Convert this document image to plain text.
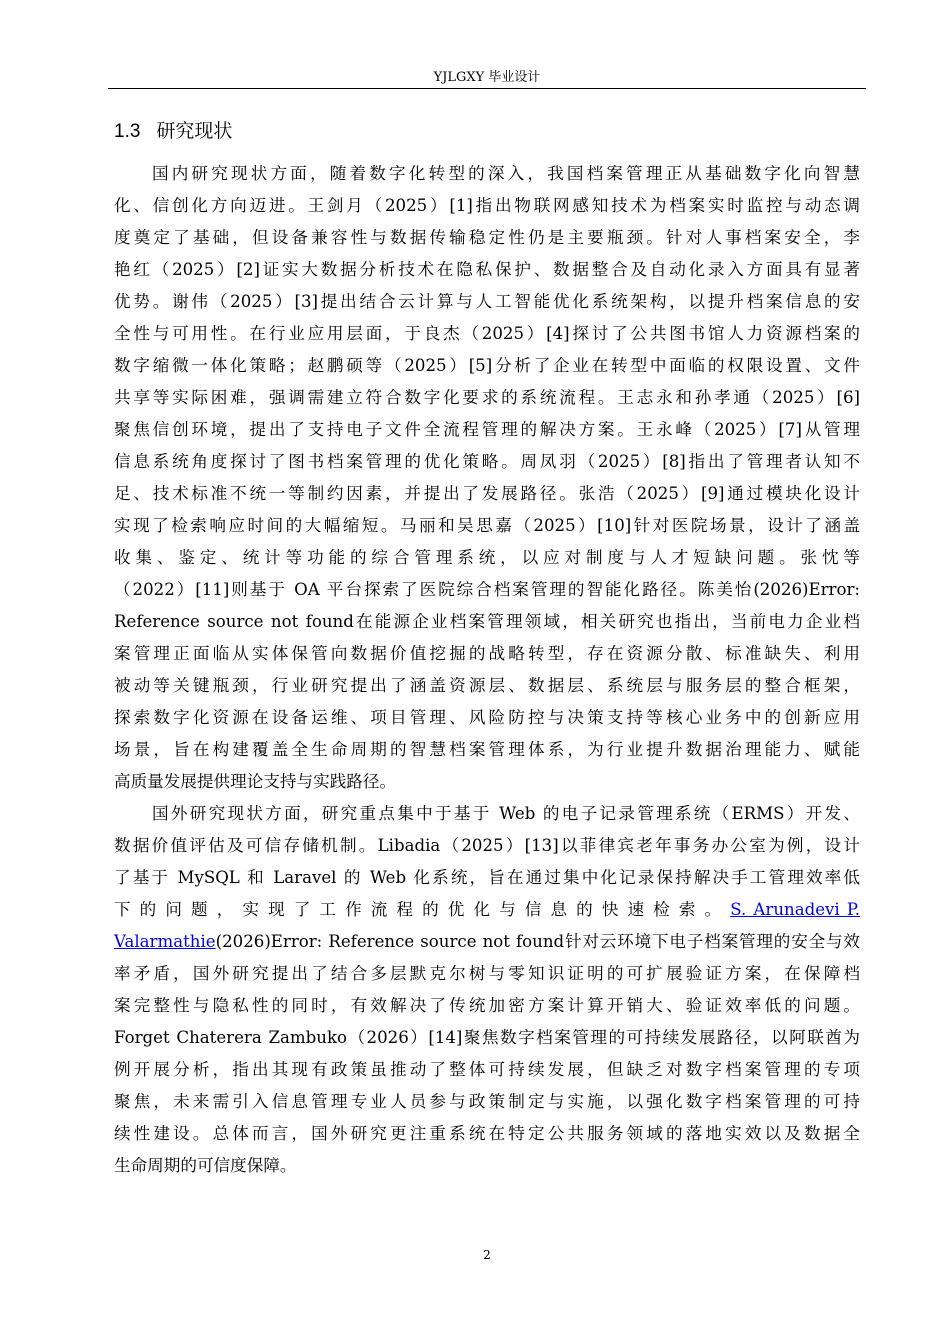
YJLGXY 毕业设计
1.3 研究现状
国内研究现状方面，随着数字化转型的深入，我国档案管理正从基础数字化向智慧
化、信创化方向迈进。王剑月（2025）[1]指出物联网感知技术为档案实时监控与动态调
度奠定了基础，但设备兼容性与数据传输稳定性仍是主要瓶颈。针对人事档案安全，李
艳红（2025）[2]证实大数据分析技术在隐私保护、数据整合及自动化录入方面具有显著
优势。谢伟（2025）[3]提出结合云计算与人工智能优化系统架构，以提升档案信息的安
全性与可用性。在行业应用层面，于良杰（2025）[4]探讨了公共图书馆人力资源档案的
数字缩微一体化策略；赵鹏硕等（2025）[5]分析了企业在转型中面临的权限设置、文件
共享等实际困难，强调需建立符合数字化要求的系统流程。王志永和孙孝通（2025）[6]
聚焦信创环境，提出了支持电子文件全流程管理的解决方案。王永峰（2025）[7]从管理
信息系统角度探讨了图书档案管理的优化策略。周凤羽（2025）[8]指出了管理者认知不
足、技术标准不统一等制约因素，并提出了发展路径。张浩（2025）[9]通过模块化设计
实现了检索响应时间的大幅缩短。马丽和吴思嘉（2025）[10]针对医院场景，设计了涵盖
收集、鉴定、统计等功能的综合管理系统，以应对制度与人才短缺问题。张忱等
（2022）[11]则基于 OA 平台探索了医院综合档案管理的智能化路径。陈美怡(2026)Error:
Reference source not found在能源企业档案管理领域，相关研究也指出，当前电力企业档
案管理正面临从实体保管向数据价值挖掘的战略转型，存在资源分散、标准缺失、利用
被动等关键瓶颈，行业研究提出了涵盖资源层、数据层、系统层与服务层的整合框架，
探索数字化资源在设备运维、项目管理、风险防控与决策支持等核心业务中的创新应用
场景，旨在构建覆盖全生命周期的智慧档案管理体系，为行业提升数据治理能力、赋能
高质量发展提供理论支持与实践路径。
国外研究现状方面，研究重点集中于基于 Web 的电子记录管理系统（ERMS）开发、
数据价值评估及可信存储机制。Libadia（2025）[13]以菲律宾老年事务办公室为例，设计
了基于 MySQL 和 Laravel 的 Web 化系统，旨在通过集中化记录保持解决手工管理效率低
下 的 问 题 ， 实 现 了 工 作 流 程 的 优 化 与 信 息 的 快 速 检 索 。 S. Arunadevi P.
Valarmathie(2026)Error: Reference source not found针对云环境下电子档案管理的安全与效
率矛盾，国外研究提出了结合多层默克尔树与零知识证明的可扩展验证方案，在保障档
案完整性与隐私性的同时，有效解决了传统加密方案计算开销大、验证效率低的问题。
Forget Chaterera Zambuko（2026）[14]聚焦数字档案管理的可持续发展路径，以阿联酋为
例开展分析，指出其现有政策虽推动了整体可持续发展，但缺乏对数字档案管理的专项
聚焦，未来需引入信息管理专业人员参与政策制定与实施，以强化数字档案管理的可持
续性建设。总体而言，国外研究更注重系统在特定公共服务领域的落地实效以及数据全
生命周期的可信度保障。
2
